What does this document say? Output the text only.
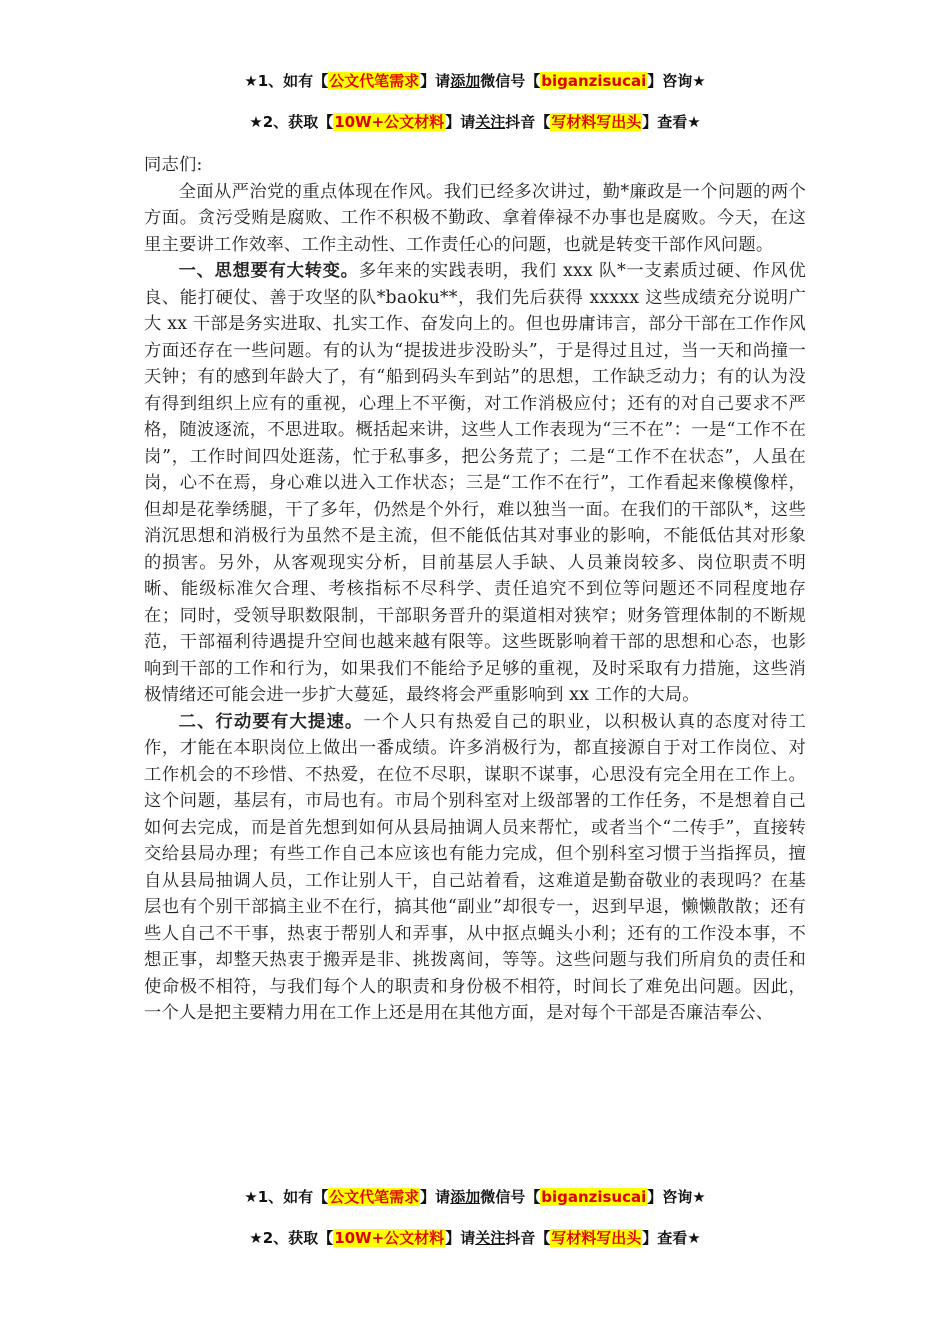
★1、如有【公文代笔需求】请添加微信号【biganzisucai】咨询★
★2、获取【10W+公文材料】请关注抖音【写材料写出头】查看★

同志们:

全面从严治党的重点体现在作风。我们已经多次讲过，勤*廉政是一个问题的两个方面。贪污受贿是腐败、工作不积极不勤政、拿着俸禄不办事也是腐败。今天，在这里主要讲工作效率、工作主动性、工作责任心的问题，也就是转变干部作风问题。

一、思想要有大转变。多年来的实践表明，我们 xxx 队*一支素质过硬、作风优良、能打硬仗、善于攻坚的队*baoku**，我们先后获得 xxxxx 这些成绩充分说明广大 xx 干部是务实进取、扎实工作、奋发向上的。但也毋庸讳言，部分干部在工作作风方面还存在一些问题。有的认为“提拔进步没盼头”，于是得过且过，当一天和尚撞一天钟；有的感到年龄大了，有“船到码头车到站”的思想，工作缺乏动力；有的认为没有得到组织上应有的重视，心理上不平衡，对工作消极应付；还有的对自己要求不严格，随波逐流，不思进取。概括起来讲，这些人工作表现为“三不在”：一是“工作不在岗”，工作时间四处逛荡，忙于私事多，把公务荒了；二是“工作不在状态”，人虽在岗，心不在焉，身心难以进入工作状态；三是“工作不在行”，工作看起来像模像样，但却是花拳绣腿，干了多年，仍然是个外行，难以独当一面。在我们的干部队*，这些消沉思想和消极行为虽然不是主流，但不能低估其对事业的影响，不能低估其对形象的损害。另外，从客观现实分析，目前基层人手缺、人员兼岗较多、岗位职责不明晰、能级标准欠合理、考核指标不尽科学、责任追究不到位等问题还不同程度地存在；同时，受领导职数限制，干部职务晋升的渠道相对狭窄；财务管理体制的不断规范，干部福利待遇提升空间也越来越有限等。这些既影响着干部的思想和心态，也影响到干部的工作和行为，如果我们不能给予足够的重视，及时采取有力措施，这些消极情绪还可能会进一步扩大蔓延，最终将会严重影响到 xx 工作的大局。

二、行动要有大提速。一个人只有热爱自己的职业，以积极认真的态度对待工作，才能在本职岗位上做出一番成绩。许多消极行为，都直接源自于对工作岗位、对工作机会的不珍惜、不热爱，在位不尽职，谋职不谋事，心思没有完全用在工作上。这个问题，基层有，市局也有。市局个别科室对上级部署的工作任务，不是想着自己如何去完成，而是首先想到如何从县局抽调人员来帮忙，或者当个“二传手”，直接转交给县局办理；有些工作自己本应该也有能力完成，但个别科室习惯于当指挥员，擅自从县局抽调人员，工作让别人干，自己站着看，这难道是勤奋敬业的表现吗？在基层也有个别干部搞主业不在行，搞其他“副业”却很专一，迟到早退，懒懒散散；还有些人自己不干事，热衷于帮别人和弄事，从中抠点蝇头小利；还有的工作没本事，不想正事，却整天热衷于搬弄是非、挑拨离间，等等。这些问题与我们所肩负的责任和使命极不相符，与我们每个人的职责和身份极不相符，时间长了难免出问题。因此，一个人是把主要精力用在工作上还是用在其他方面，是对每个干部是否廉洁奉公、

★1、如有【公文代笔需求】请添加微信号【biganzisucai】咨询★
★2、获取【10W+公文材料】请关注抖音【写材料写出头】查看★
